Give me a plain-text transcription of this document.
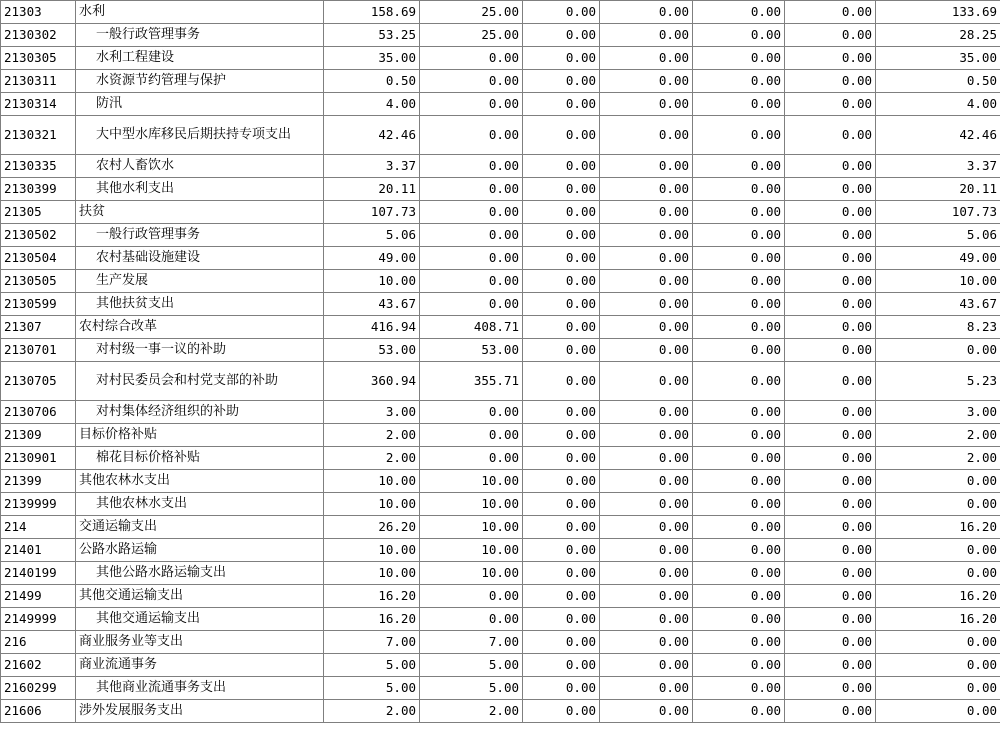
21303	水利	158.69	25.00	0.00	0.00	0.00	0.00	133.69
2130302	一般行政管理事务	53.25	25.00	0.00	0.00	0.00	0.00	28.25
2130305	水利工程建设	35.00	0.00	0.00	0.00	0.00	0.00	35.00
2130311	水资源节约管理与保护	0.50	0.00	0.00	0.00	0.00	0.00	0.50
2130314	防汛	4.00	0.00	0.00	0.00	0.00	0.00	4.00
2130321	大中型水库移民后期扶持专项支出	42.46	0.00	0.00	0.00	0.00	0.00	42.46
2130335	农村人畜饮水	3.37	0.00	0.00	0.00	0.00	0.00	3.37
2130399	其他水利支出	20.11	0.00	0.00	0.00	0.00	0.00	20.11
21305	扶贫	107.73	0.00	0.00	0.00	0.00	0.00	107.73
2130502	一般行政管理事务	5.06	0.00	0.00	0.00	0.00	0.00	5.06
2130504	农村基础设施建设	49.00	0.00	0.00	0.00	0.00	0.00	49.00
2130505	生产发展	10.00	0.00	0.00	0.00	0.00	0.00	10.00
2130599	其他扶贫支出	43.67	0.00	0.00	0.00	0.00	0.00	43.67
21307	农村综合改革	416.94	408.71	0.00	0.00	0.00	0.00	8.23
2130701	对村级一事一议的补助	53.00	53.00	0.00	0.00	0.00	0.00	0.00
2130705	对村民委员会和村党支部的补助	360.94	355.71	0.00	0.00	0.00	0.00	5.23
2130706	对村集体经济组织的补助	3.00	0.00	0.00	0.00	0.00	0.00	3.00
21309	目标价格补贴	2.00	0.00	0.00	0.00	0.00	0.00	2.00
2130901	棉花目标价格补贴	2.00	0.00	0.00	0.00	0.00	0.00	2.00
21399	其他农林水支出	10.00	10.00	0.00	0.00	0.00	0.00	0.00
2139999	其他农林水支出	10.00	10.00	0.00	0.00	0.00	0.00	0.00
214	交通运输支出	26.20	10.00	0.00	0.00	0.00	0.00	16.20
21401	公路水路运输	10.00	10.00	0.00	0.00	0.00	0.00	0.00
2140199	其他公路水路运输支出	10.00	10.00	0.00	0.00	0.00	0.00	0.00
21499	其他交通运输支出	16.20	0.00	0.00	0.00	0.00	0.00	16.20
2149999	其他交通运输支出	16.20	0.00	0.00	0.00	0.00	0.00	16.20
216	商业服务业等支出	7.00	7.00	0.00	0.00	0.00	0.00	0.00
21602	商业流通事务	5.00	5.00	0.00	0.00	0.00	0.00	0.00
2160299	其他商业流通事务支出	5.00	5.00	0.00	0.00	0.00	0.00	0.00
21606	涉外发展服务支出	2.00	2.00	0.00	0.00	0.00	0.00	0.00
